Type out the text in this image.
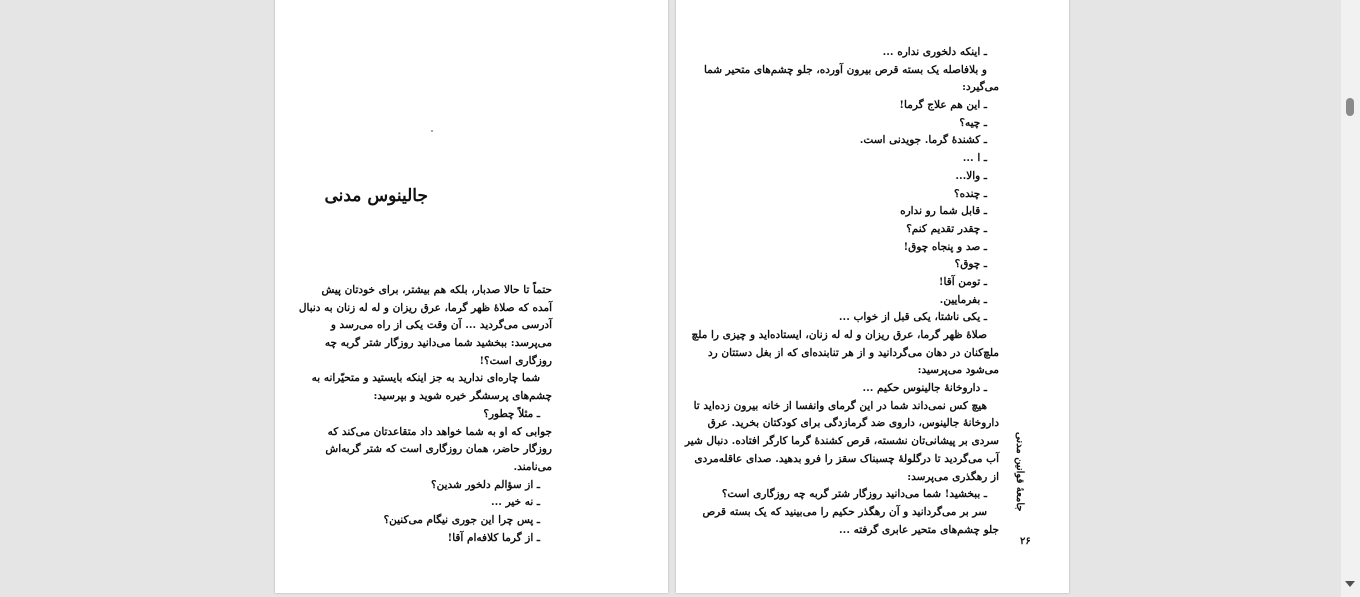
جالینوس مدنی
حتماً تا حالا صدبار، بلکه هم بیشتر، برای خودتان پیش
آمده که صلاهٔ ظهر گرما، عرق ریزان و له له زنان به دنبال
آدرسی می‌گردید ... آن وقت یکی از راه می‌رسد و
می‌پرسد: ببخشید شما می‌دانید روزگار شتر گربه چه
روزگاری است؟!
شما چاره‌ای ندارید به جز اینکه بایستید و متحیّرانه به
چشم‌های پرسشگر خیره شوید و بپرسید:
ـ مثلاً چطور؟
جوابی که او به شما خواهد داد متقاعدتان می‌کند که
روزگار حاضر، همان روزگاری است که شتر گربه‌اش
می‌نامند.
ـ از سؤالم دلخور شدین؟
ـ نه خیر ...
ـ پس چرا این جوری نیگام می‌کنین؟
ـ از گرما کلافه‌ام آقا!
ـ اینکه دلخوری نداره ...
و بلافاصله یک بسته قرص بیرون آورده، جلو چشم‌های متحیر شما
می‌گیرد:
ـ این هم علاج گرما!
ـ چیه؟
ـ کشندهٔ گرما. جویدنی است.
ـ ا ...
ـ والا...
ـ چنده؟
ـ قابل شما رو نداره
ـ چقدر تقدیم کنم؟
ـ صد و پنجاه چوق!
ـ چوق؟
ـ تومن آقا!
ـ بفرمایین.
ـ یکی ناشتا، یکی قبل از خواب ...
صلاهٔ ظهر گرما، عرق ریزان و له له زنان، ایستاده‌اید و چیزی را ملچ
ملچ‌کنان در دهان می‌گردانید و از هر تنابنده‌ای که از بغل دستتان رد
می‌شود می‌پرسید:
ـ داروخانهٔ جالینوس حکیم ...
هیچ کس نمی‌داند شما در این گرمای وانفسا از خانه بیرون زده‌اید تا
داروخانهٔ جالینوس، داروی ضد گرمازدگی برای کودکتان بخرید. عرق
سردی بر پیشانی‌تان نشسته، قرص کشندهٔ گرما کارگر افتاده. دنبال شیر
آب می‌گردید تا درگلولهٔ چسبناک سقز را فرو بدهید. صدای عاقله‌مردی
از رهگذری می‌پرسد:
ـ ببخشید! شما می‌دانید روزگار شتر گربه چه روزگاری است؟
سر بر می‌گردانید و آن رهگذر حکیم را می‌بینید که یک بسته قرص
جلو چشم‌های متحیر عابری گرفته ...
جامعهٔ قوانین مدنی
۲۶
